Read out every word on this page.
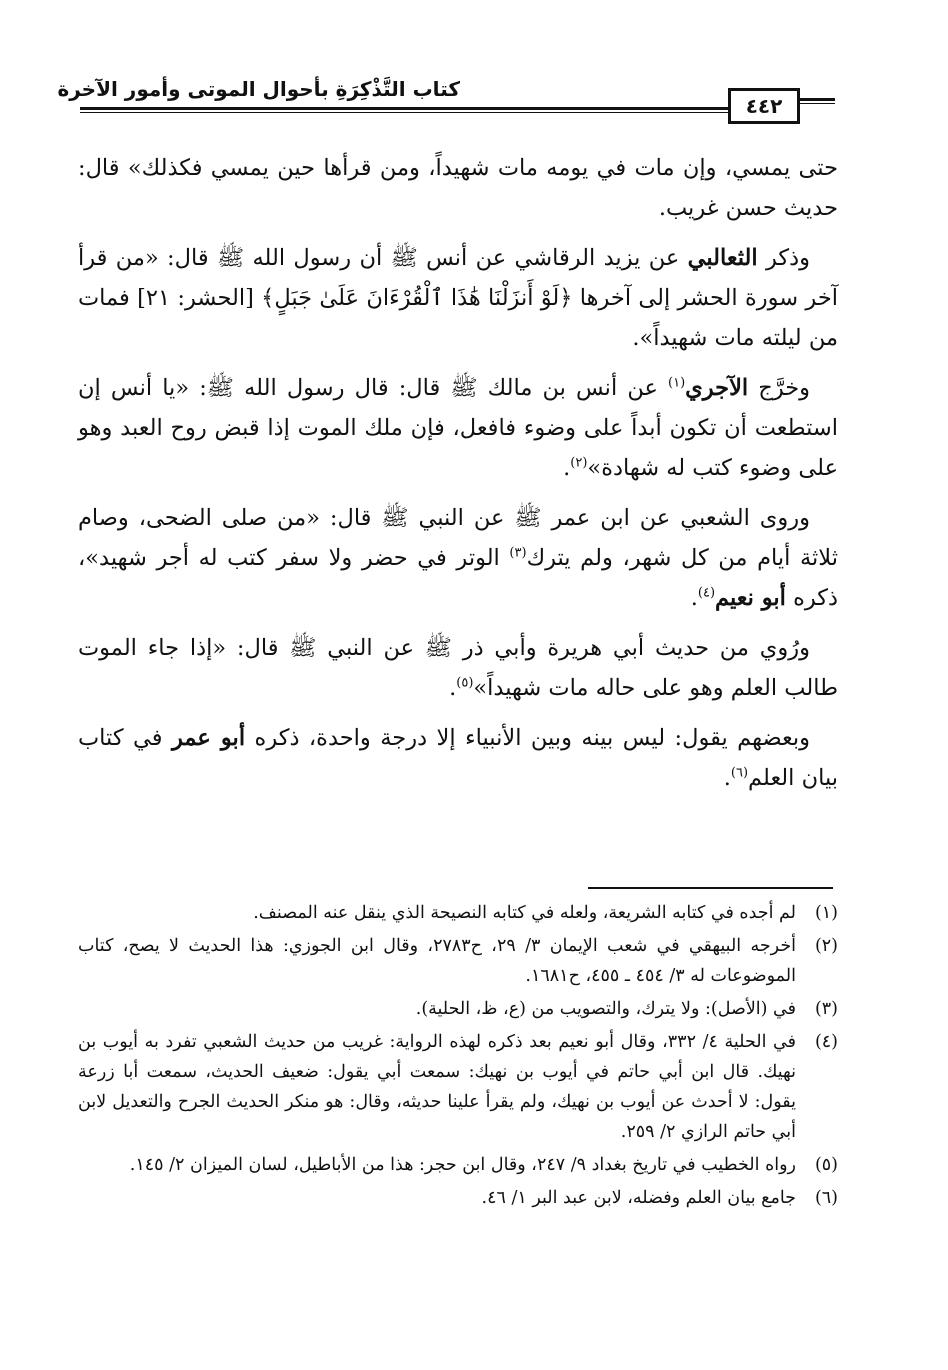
كتاب التَّذْكِرَةِ بأحوال الموتى وأمور الآخرة
٤٤٢

حتى يمسي، وإن مات في يومه مات شهيداً، ومن قرأها حين يمسي فكذلك» قال: حديث حسن غريب.

وذكر الثعالبي عن يزيد الرقاشي عن أنس ﷺ أن رسول الله ﷺ قال: «من قرأ آخر سورة الحشر إلى آخرها ﴿لَوْ أَنزَلْنَا هَٰذَا ٱلْقُرْءَانَ عَلَىٰ جَبَلٍ﴾ [الحشر: ٢١] فمات من ليلته مات شهيداً».

وخرَّج الآجري$^{(١)}$ عن أنس بن مالك ﷺ قال: قال رسول الله ﷺ: «يا أنس إن استطعت أن تكون أبداً على وضوء فافعل، فإن ملك الموت إذا قبض روح العبد وهو على وضوء كتب له شهادة»$^{(٢)}$.

وروى الشعبي عن ابن عمر ﷺ عن النبي ﷺ قال: «من صلى الضحى، وصام ثلاثة أيام من كل شهر، ولم يترك$^{(٣)}$ الوتر في حضر ولا سفر كتب له أجر شهيد»، ذكره أبو نعيم$^{(٤)}$.

ورُوي من حديث أبي هريرة وأبي ذر ﷺ عن النبي ﷺ قال: «إذا جاء الموت طالب العلم وهو على حاله مات شهيداً»$^{(٥)}$.

وبعضهم يقول: ليس بينه وبين الأنبياء إلا درجة واحدة، ذكره أبو عمر في كتاب بيان العلم$^{(٦)}$.

(١)
لم أجده في كتابه الشريعة، ولعله في كتابه النصيحة الذي ينقل عنه المصنف.
(٢)
أخرجه البيهقي في شعب الإيمان ٣/ ٢٩، ح٢٧٨٣، وقال ابن الجوزي: هذا الحديث لا يصح، كتاب الموضوعات له ٣/ ٤٥٤ ـ ٤٥٥، ح١٦٨١.
(٣)
في (الأصل): ولا يترك، والتصويب من (ع، ظ، الحلية).
(٤)
في الحلية ٤/ ٣٣٢، وقال أبو نعيم بعد ذكره لهذه الرواية: غريب من حديث الشعبي تفرد به أيوب بن نهيك. قال ابن أبي حاتم في أيوب بن نهيك: سمعت أبي يقول: ضعيف الحديث، سمعت أبا زرعة يقول: لا أحدث عن أيوب بن نهيك، ولم يقرأ علينا حديثه، وقال: هو منكر الحديث الجرح والتعديل لابن أبي حاتم الرازي ٢/ ٢٥٩.
(٥)
رواه الخطيب في تاريخ بغداد ٩/ ٢٤٧، وقال ابن حجر: هذا من الأباطيل، لسان الميزان ٢/ ١٤٥.
(٦)
جامع بيان العلم وفضله، لابن عبد البر ١/ ٤٦.
